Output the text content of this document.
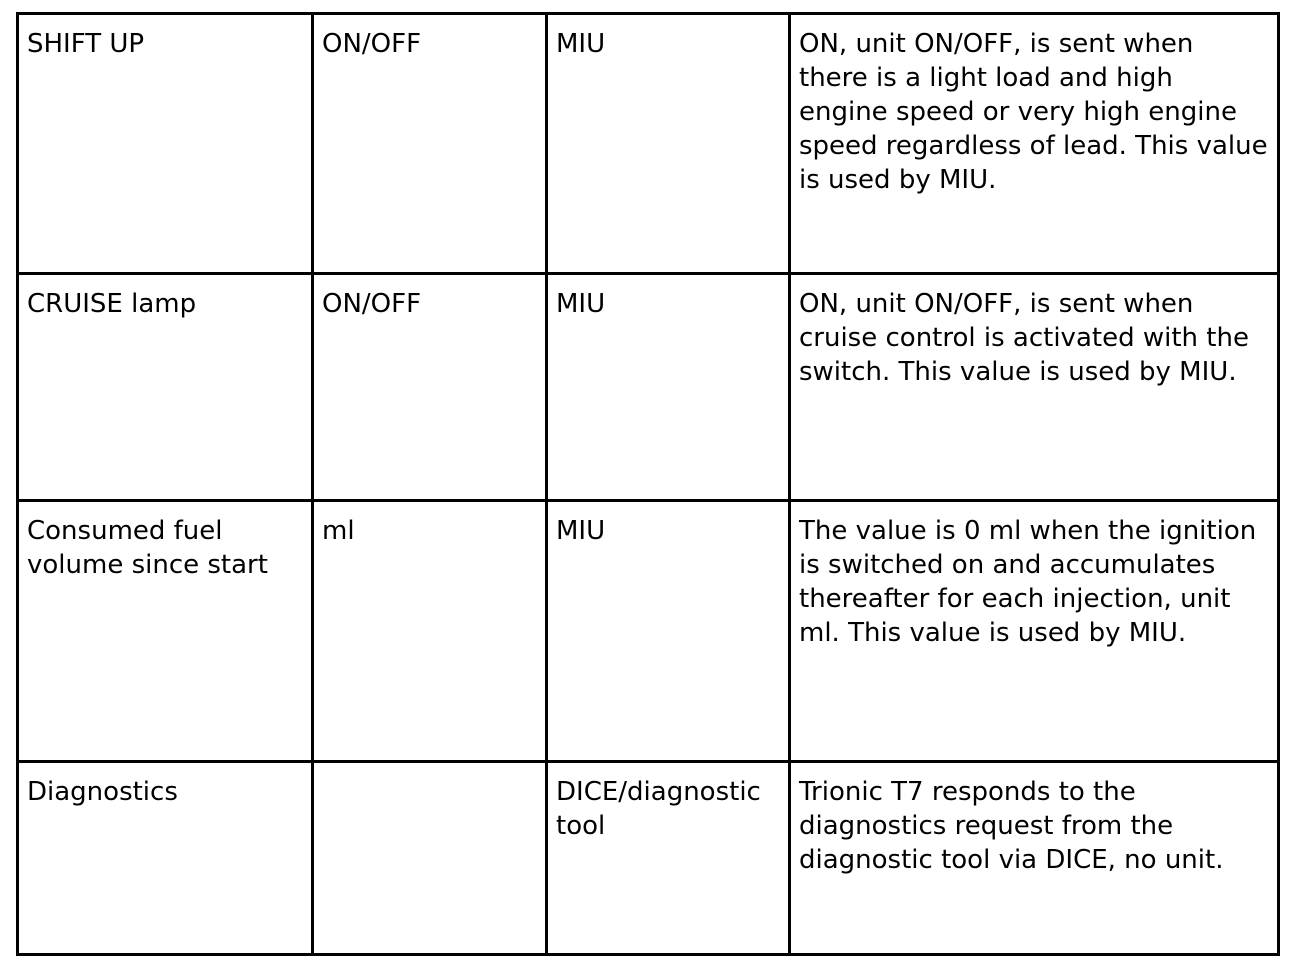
SHIFT UP	ON/OFF	MIU	ON, unit ON/OFF, is sent when there is a light load and high engine speed or very high engine speed regardless of lead. This value is used by MIU.
CRUISE lamp	ON/OFF	MIU	ON, unit ON/OFF, is sent when cruise control is activated with the switch. This value is used by MIU.
Consumed fuel volume since start	ml	MIU	The value is 0 ml when the ignition is switched on and accumulates thereafter for each injection, unit ml. This value is used by MIU.
Diagnostics		DICE/diagnostic tool	Trionic T7 responds to the diagnostics request from the diagnostic tool via DICE, no unit.
